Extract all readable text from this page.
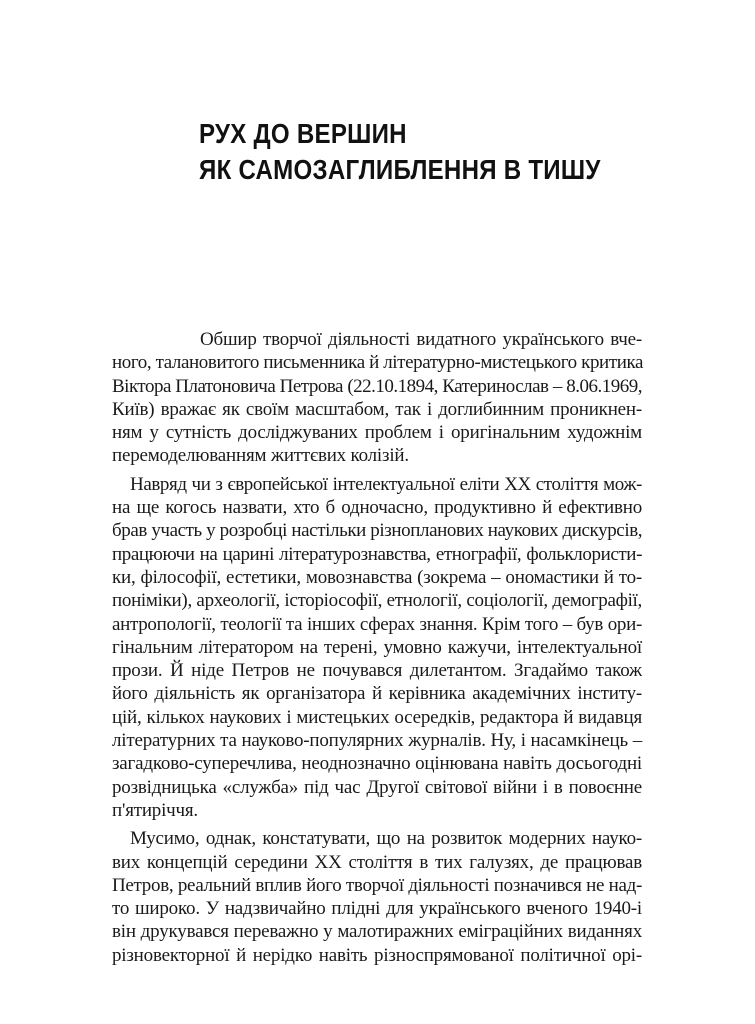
РУХ ДО ВЕРШИН
ЯК САМОЗАГЛИБЛЕННЯ В ТИШУ
Обшир творчої діяльності видатного українського вче-
ного, талановитого письменника й літературно-мистецького критика
Віктора Платоновича Петрова (22.10.1894, Катеринослав – 8.06.1969,
Київ) вражає як своїм масштабом, так і доглибинним проникнен-
ням у сутність досліджуваних проблем і оригінальним художнім
перемоделюванням життєвих колізій.
Навряд чи з європейської інтелектуальної еліти ХХ століття мож-
на ще когось назвати, хто б одночасно, продуктивно й ефективно
брав участь у розробці настільки різнопланових наукових дискурсів,
працюючи на царині літературознавства, етнографії, фольклористи-
ки, філософії, естетики, мовознавства (зокрема – ономастики й то-
поніміки), археології, історіософії, етнології, соціології, демографії,
антропології, теології та інших сферах знання. Крім того – був ори-
гінальним літератором на терені, умовно кажучи, інтелектуальної
прози. Й ніде Петров не почувався дилетантом. Згадаймо також
його діяльність як організатора й керівника академічних інститу-
цій, кількох наукових і мистецьких осередків, редактора й видавця
літературних та науково-популярних журналів. Ну, і насамкінець –
загадково-суперечлива, неоднозначно оцінювана навіть досьогодні
розвідницька «служба» під час Другої світової війни і в повоєнне
п'ятиріччя.
Мусимо, однак, констатувати, що на розвиток модерних науко-
вих концепцій середини ХХ століття в тих галузях, де працював
Петров, реальний вплив його творчої діяльності позначився не над-
то широко. У надзвичайно плідні для українського вченого 1940-і
він друкувався переважно у малотиражних еміграційних виданнях
різновекторної й нерідко навіть різноспрямованої політичної орі-
